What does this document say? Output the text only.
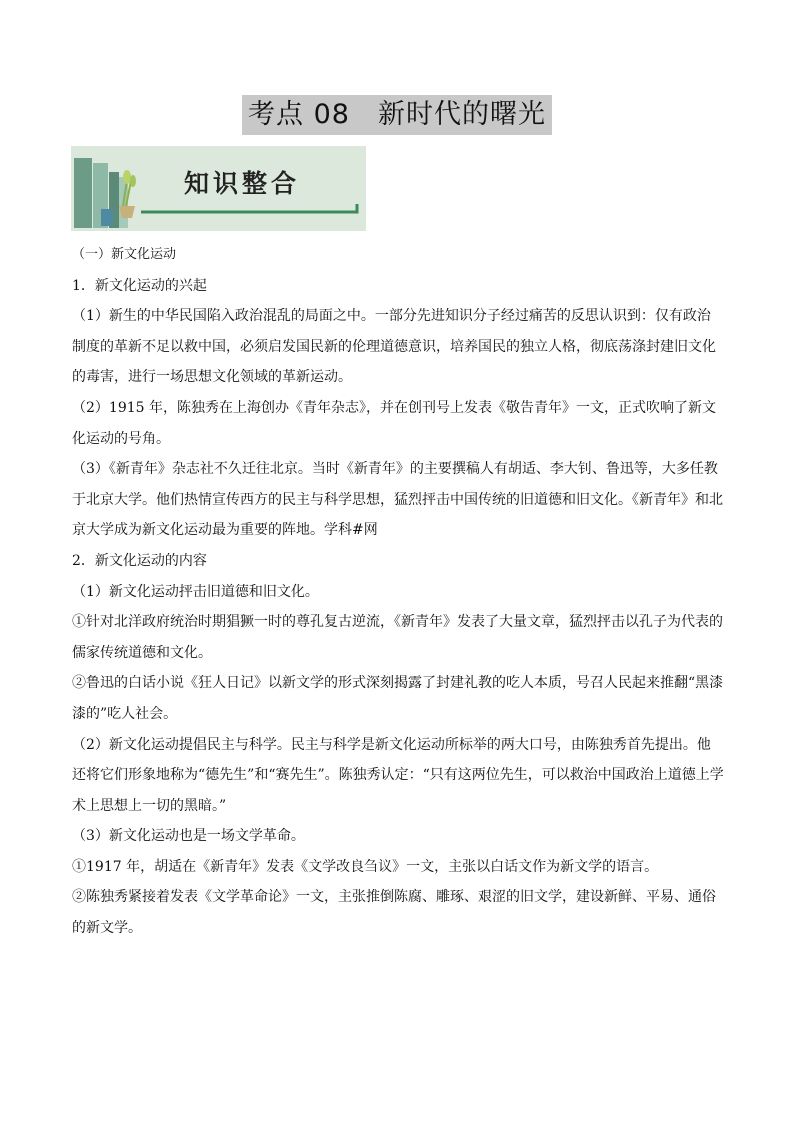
考点 08　新时代的曙光
知识整合

（一）新文化运动

1．新文化运动的兴起

（1）新生的中华民国陷入政治混乱的局面之中。一部分先进知识分子经过痛苦的反思认识到：仅有政治制度的革新不足以救中国，必须启发国民新的伦理道德意识，培养国民的独立人格，彻底荡涤封建旧文化的毒害，进行一场思想文化领域的革新运动。

（2）1915 年，陈独秀在上海创办《青年杂志》，并在创刊号上发表《敬告青年》一文，正式吹响了新文化运动的号角。

（3）《新青年》杂志社不久迁往北京。当时《新青年》的主要撰稿人有胡适、李大钊、鲁迅等，大多任教于北京大学。他们热情宣传西方的民主与科学思想，猛烈抨击中国传统的旧道德和旧文化。《新青年》和北京大学成为新文化运动最为重要的阵地。学科#网

2．新文化运动的内容

（1）新文化运动抨击旧道德和旧文化。

①针对北洋政府统治时期猖獗一时的尊孔复古逆流，《新青年》发表了大量文章，猛烈抨击以孔子为代表的儒家传统道德和文化。

②鲁迅的白话小说《狂人日记》以新文学的形式深刻揭露了封建礼教的吃人本质，号召人民起来推翻“黑漆漆的”吃人社会。

（2）新文化运动提倡民主与科学。民主与科学是新文化运动所标举的两大口号，由陈独秀首先提出。他还将它们形象地称为“德先生”和“赛先生”。陈独秀认定：“只有这两位先生，可以救治中国政治上道德上学术上思想上一切的黑暗。”

（3）新文化运动也是一场文学革命。

①1917 年，胡适在《新青年》发表《文学改良刍议》一文，主张以白话文作为新文学的语言。

②陈独秀紧接着发表《文学革命论》一文，主张推倒陈腐、雕琢、艰涩的旧文学，建设新鲜、平易、通俗的新文学。
